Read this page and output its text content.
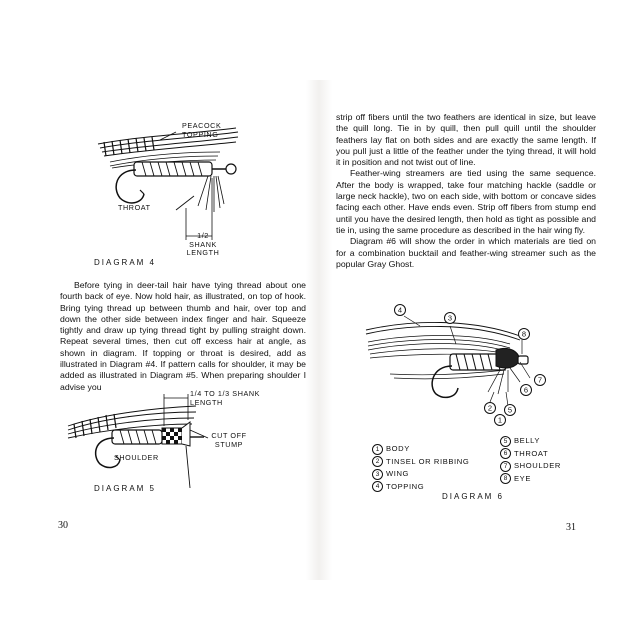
PEACOCK TOPPING
THROAT
1/2 SHANK LENGTH
DIAGRAM 4

Before tying in deer-tail hair have tying thread about one fourth back of eye. Now hold hair, as illustrated, on top of hook. Bring tying thread up between thumb and hair, over top and down the other side between index finger and hair. Squeeze tightly and draw up tying thread tight by pulling straight down. Repeat several times, then cut off excess hair at angle, as shown in diagram. If topping or throat is desired, add as illustrated in Diagram #4. If pattern calls for shoulder, it may be added as illustrated in Diagram #5. When preparing shoulder I advise you

1/4 TO 1/3 SHANK LENGTH
CUT OFF STUMP
SHOULDER
DIAGRAM 5
30

strip off fibers until the two feathers are identical in size, but leave the quill long. Tie in by quill, then pull quill until the shoulder feathers lay flat on both sides and are exactly the same length. If you pull just a little of the feather under the tying thread, it will hold it in position and not twist out of line.

Feather-wing streamers are tied using the same sequence. After the body is wrapped, take four matching hackle (saddle or large neck hackle), two on each side, with bottom or concave sides facing each other. Have ends even. Strip off fibers from stump end until you have the desired length, then hold as tight as possible and tie in, using the same procedure as described in the hair wing fly.

Diagram #6 will show the order in which materials are tied on for a combination bucktail and feather-wing streamer such as the popular Gray Ghost.

4
3
8
1
2 5
6
7
1 BODY
2 TINSEL OR RIBBING
3 WING
4 TOPPING
5 BELLY
6 THROAT
7 SHOULDER
8 EYE
DIAGRAM 6
31
